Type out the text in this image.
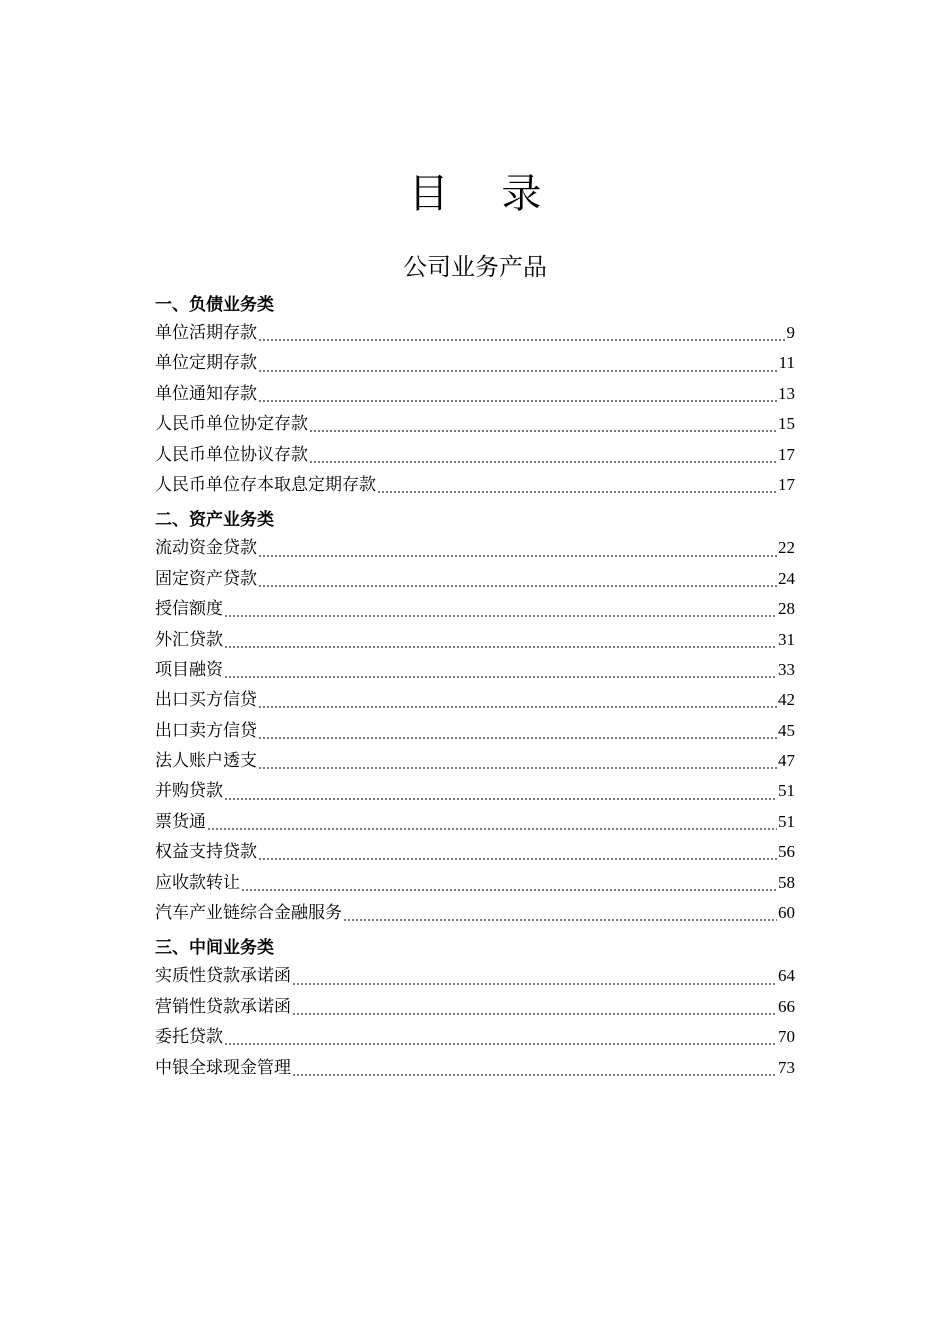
目 录
公司业务产品
一、负债业务类
单位活期存款	9
单位定期存款	11
单位通知存款	13
人民币单位协定存款	15
人民币单位协议存款	17
人民币单位存本取息定期存款	17
二、资产业务类
流动资金贷款	22
固定资产贷款	24
授信额度	28
外汇贷款	31
项目融资	33
出口买方信贷	42
出口卖方信贷	45
法人账户透支	47
并购贷款	51
票货通	51
权益支持贷款	56
应收款转让	58
汽车产业链综合金融服务	60
三、中间业务类
实质性贷款承诺函	64
营销性贷款承诺函	66
委托贷款	70
中银全球现金管理	73
